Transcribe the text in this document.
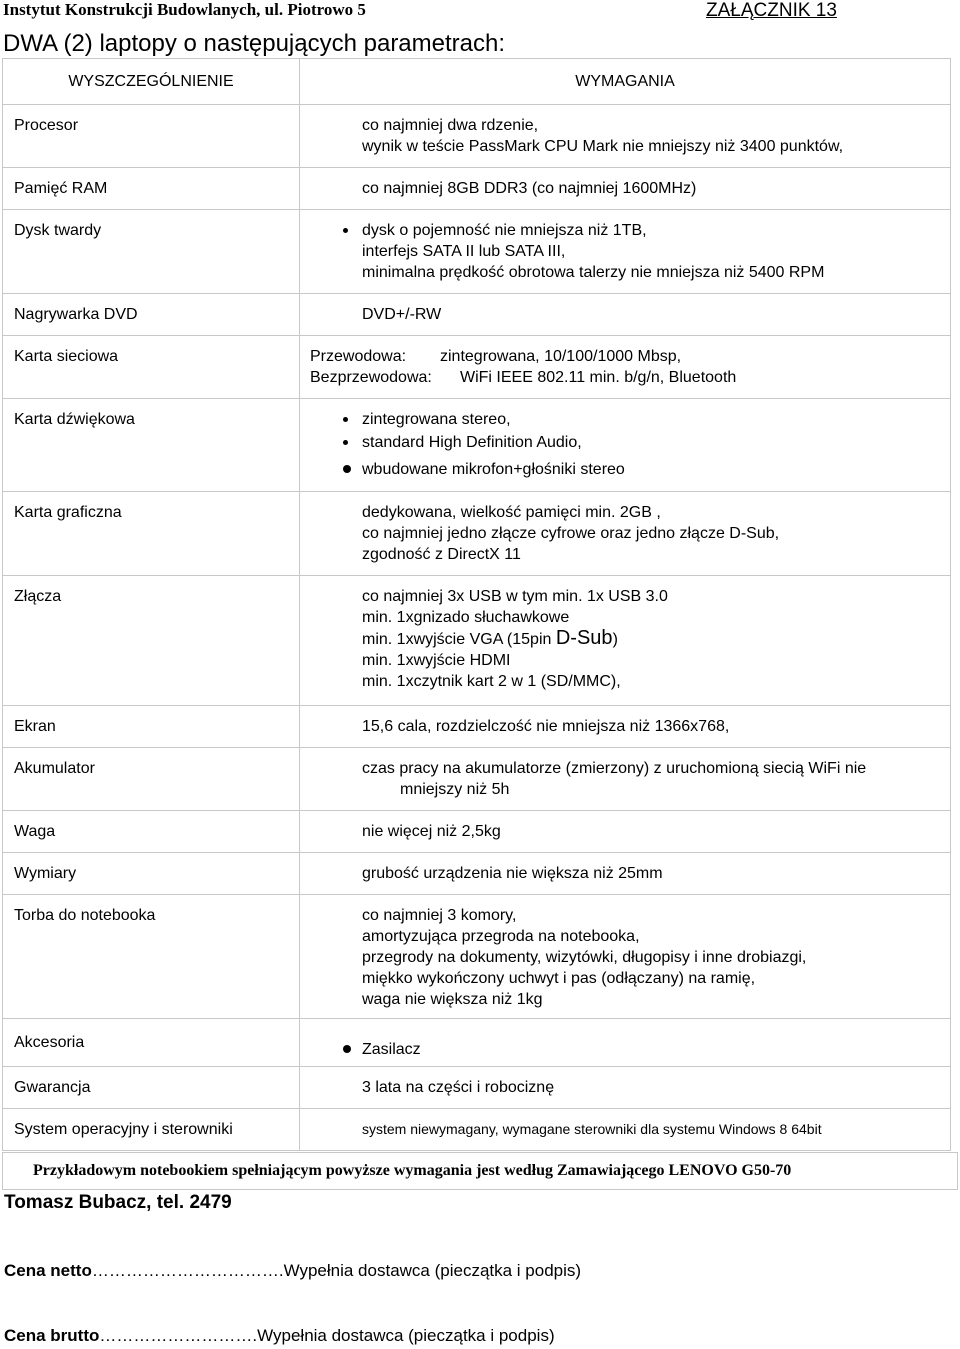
Instytut Konstrukcji Budowlanych, ul. Piotrowo 5	ZAŁĄCZNIK 13
DWA (2) laptopy o następujących parametrach:
WYSZCZEGÓLNIENIE	WYMAGANIA
Procesor	co najmniej dwa rdzenie,
wynik w teście PassMark CPU Mark nie mniejszy niż 3400 punktów,

Pamięć RAM	co najmniej 8GB DDR3 (co najmniej 1600MHz)

Dysk twardy	dysk o pojemność nie mniejsza niż 1TB,
interfejs SATA II lub SATA III,
minimalna prędkość obrotowa talerzy nie mniejsza niż 5400 RPM

Nagrywarka DVD	DVD+/-RW

Karta sieciowa	Przewodowa: zintegrowana, 10/100/1000 Mbsp,
Bezprzewodowa: WiFi IEEE 802.11 min. b/g/n, Bluetooth

Karta dźwiękowa	zintegrowana stereo,
standard High Definition Audio,
wbudowane mikrofon+głośniki stereo

Karta graficzna	dedykowana, wielkość pamięci min. 2GB ,
co najmniej jedno złącze cyfrowe oraz jedno złącze D-Sub,
zgodność z DirectX 11

Złącza	co najmniej 3x USB w tym min. 1x USB 3.0
min. 1xgnizado słuchawkowe
min. 1xwyjście VGA (15pin D-Sub)
min. 1xwyjście HDMI
min. 1xczytnik kart 2 w 1 (SD/MMC),

Ekran	15,6 cala, rozdzielczość nie mniejsza niż 1366x768,

Akumulator	czas pracy na akumulatorze (zmierzony) z uruchomioną siecią WiFi nie
mniejszy niż 5h

Waga	nie więcej niż 2,5kg

Wymiary	grubość urządzenia nie większa niż 25mm

Torba do notebooka	co najmniej 3 komory,
amortyzująca przegroda na notebooka,
przegrody na dokumenty, wizytówki, długopisy i inne drobiazgi,
miękko wykończony uchwyt i pas (odłączany) na ramię,
waga nie większa niż 1kg

Akcesoria	Zasilacz

Gwarancja	3 lata na części i robociznę

System operacyjny i sterowniki	system niewymagany, wymagane sterowniki dla systemu Windows 8 64bit
Przykładowym notebookiem spełniającym powyższe wymagania jest według Zamawiającego LENOVO G50-70
Tomasz Bubacz, tel. 2479
Cena netto…………………………….Wypełnia dostawca (pieczątka i podpis)
Cena brutto……………………….Wypełnia dostawca (pieczątka i podpis)
